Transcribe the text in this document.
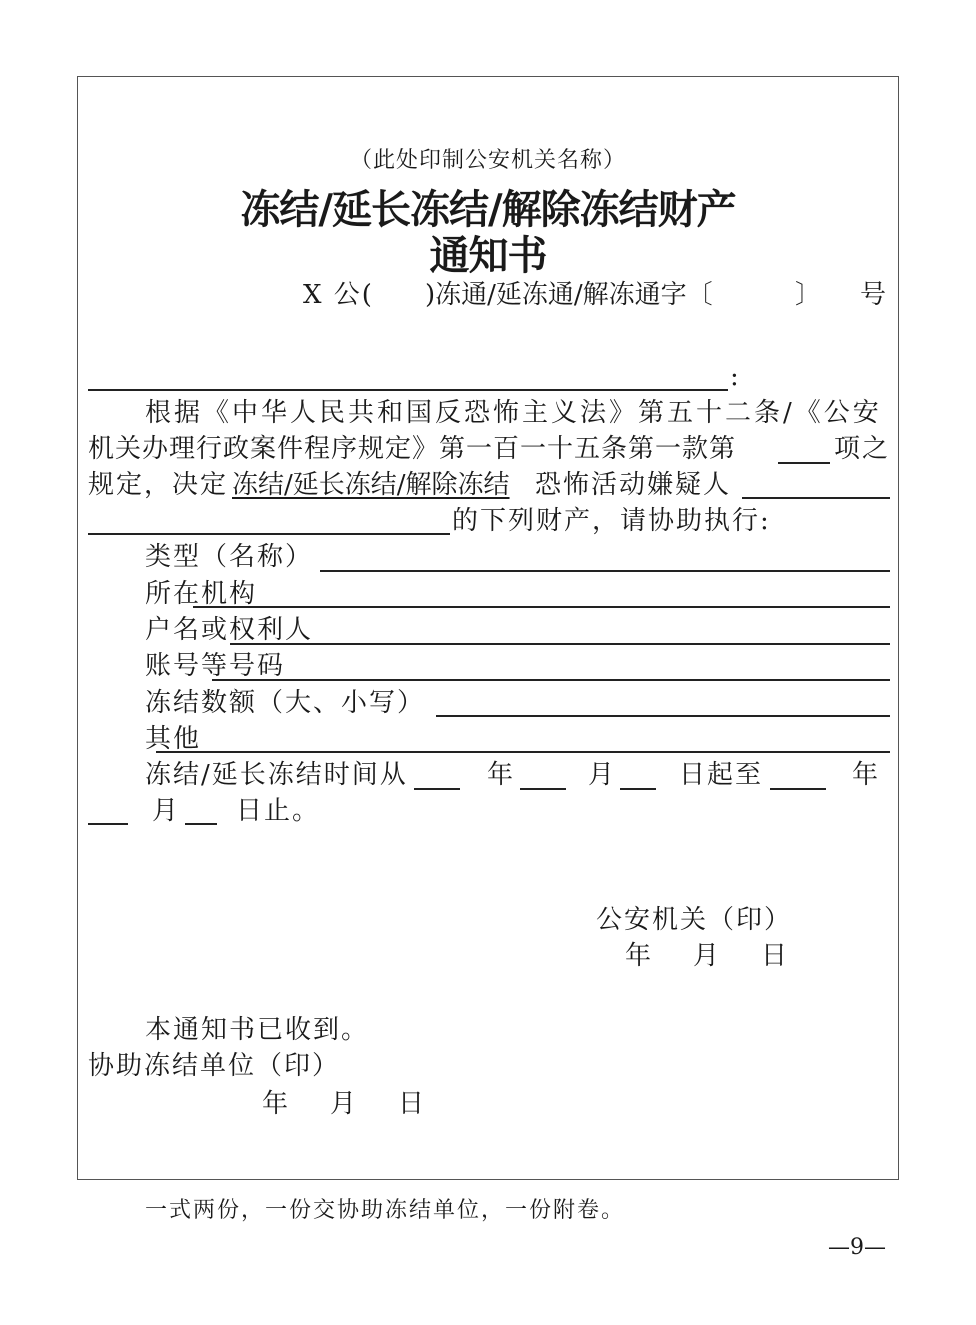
（此处印制公安机关名称）
冻结/延长冻结/解除冻结财产
通知书
X 公( )冻通/延冻通/解冻通字〔	〕 号
:
根据《中华人民共和国反恐怖主义法》第五十二条/《公安
机关办理行政案件程序规定》第一百一十五条第一款第	项之
规定，决定 冻结/延长冻结/解除冻结 恐怖活动嫌疑人
的下列财产，请协助执行:
类型（名称）
所在机构
户名或权利人
账号等号码
冻结数额（大、小写）
其他
冻结/延长冻结时间从	年	月 日起至	年
月 日止。
公安机关（印）
年　月　日
本通知书已收到。
协助冻结单位（印）
年　月　日
一式两份，一份交协助冻结单位，一份附卷。
—9—
